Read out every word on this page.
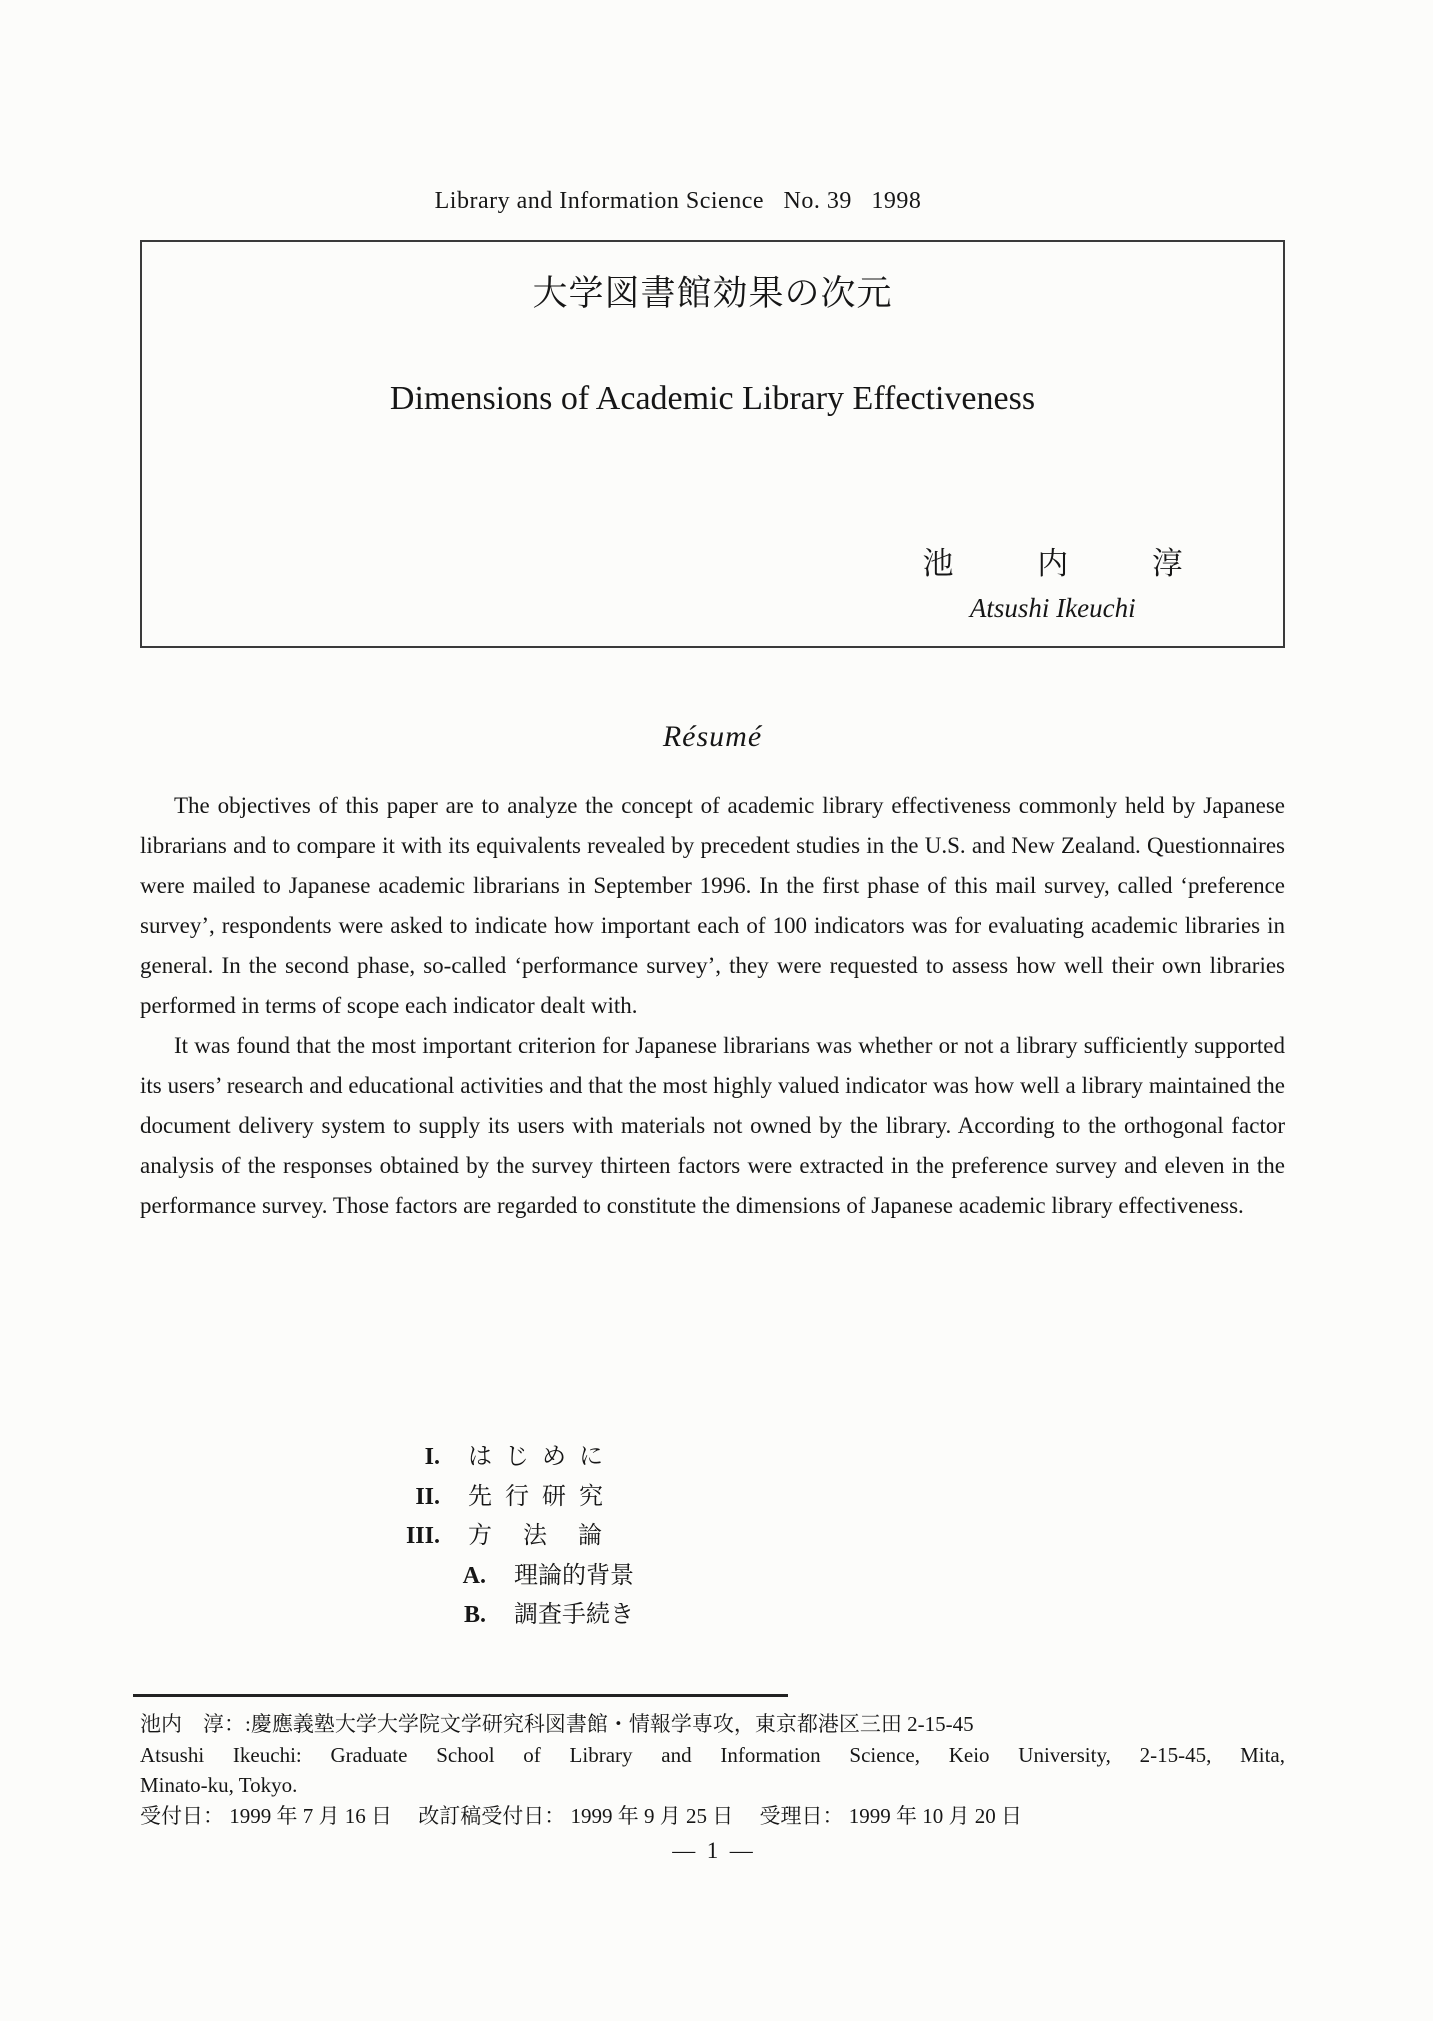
Library and Information Science   No. 39   1998
大学図書館効果の次元
Dimensions of Academic Library Effectiveness
池 内 淳
Atsushi Ikeuchi
Résumé

The objectives of this paper are to analyze the concept of academic library effectiveness commonly held by Japanese librarians and to compare it with its equivalents revealed by precedent studies in the U.S. and New Zealand. Questionnaires were mailed to Japanese academic librarians in September 1996. In the first phase of this mail survey, called ‘preference survey’, respondents were asked to indicate how important each of 100 indicators was for evaluating academic libraries in general. In the second phase, so-called ‘performance survey’, they were requested to assess how well their own libraries performed in terms of scope each indicator dealt with.

It was found that the most important criterion for Japanese librarians was whether or not a library sufficiently supported its users’ research and educational activities and that the most highly valued indicator was how well a library maintained the document delivery system to supply its users with materials not owned by the library. According to the orthogonal factor analysis of the responses obtained by the survey thirteen factors were extracted in the preference survey and eleven in the performance survey. Those factors are regarded to constitute the dimensions of Japanese academic library effectiveness.

I. はじめに
II. 先行研究
III. 方法論
A. 理論的背景
B. 調査手続き

池内　淳：:慶應義塾大学大学院文学研究科図書館・情報学専攻，東京都港区三田 2-15-45

Atsushi Ikeuchi: Graduate School of Library and Information Science, Keio University, 2-15-45, Mita,

Minato-ku, Tokyo.

受付日： 1999 年 7 月 16 日　 改訂稿受付日： 1999 年 9 月 25 日　 受理日： 1999 年 10 月 20 日

—  1  —
